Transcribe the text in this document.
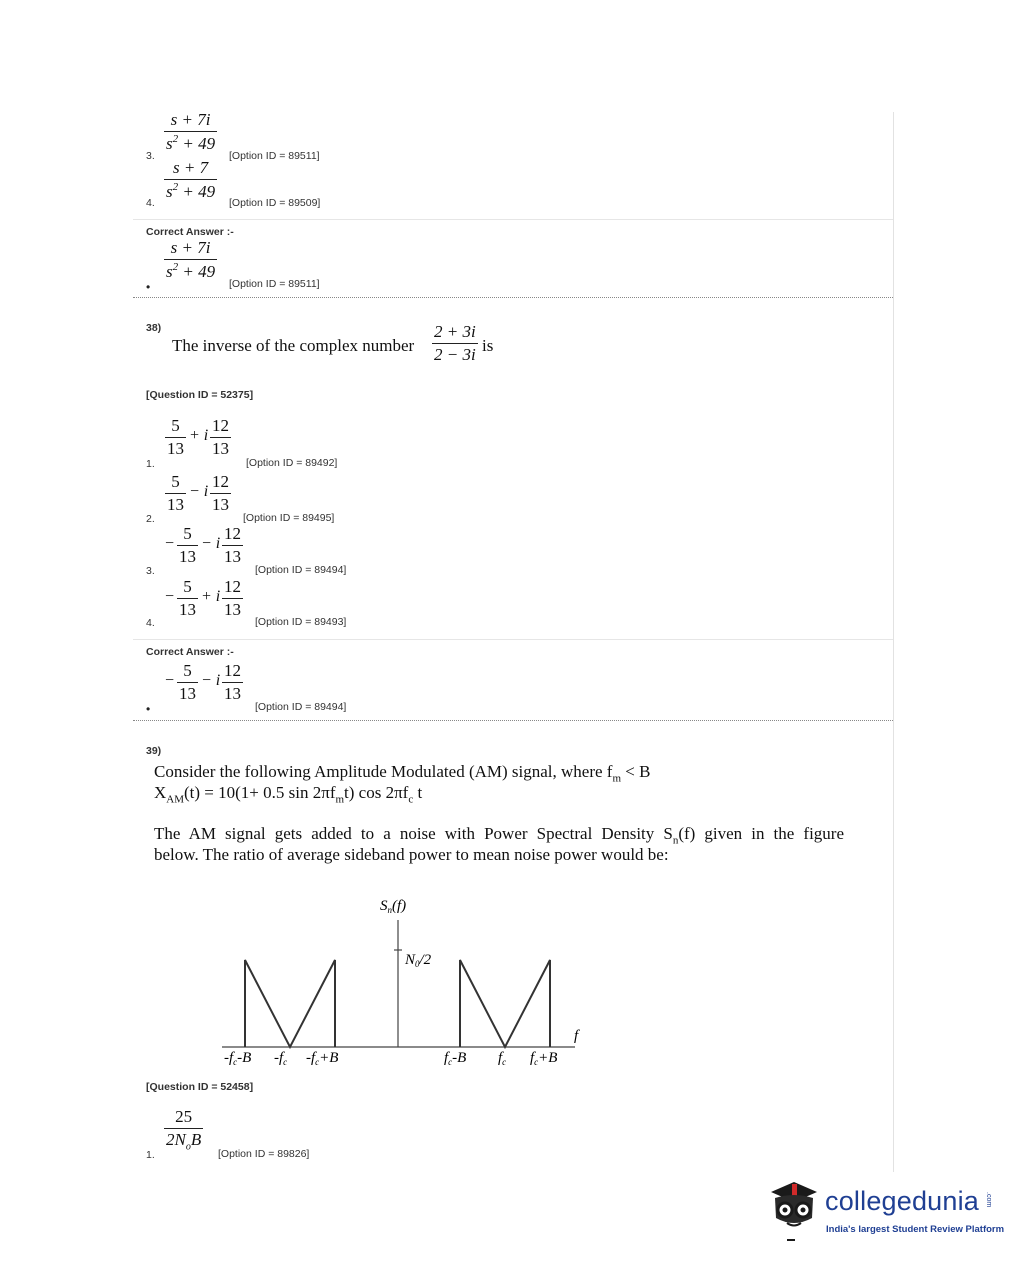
3.
s + 7i
$s^2 + 49$
[Option ID = 89511]
4.
s + 7
$s^2 + 49$
[Option ID = 89509]
Correct Answer :-
•
s + 7i
$s^2 + 49$
[Option ID = 89511]
38)
The inverse of the complex number
2 + 3i
2 − 3i is
[Question ID = 52375]
1.
5
13
+ i
12
13
[Option ID = 89492]
2.
5
13
− i
12
13
[Option ID = 89495]
3.
−
5
13
− i
12
13
[Option ID = 89494]
4.
−
5
13
+ i
12
13
[Option ID = 89493]
Correct Answer :-
•
−
5
13
− i
12
13
[Option ID = 89494]
39)
Consider the following Amplitude Modulated (AM) signal, where $f_m < B$
$X_{AM}(t) = 10(1+ 0.5$ $\sin 2\pi f_mt$) $\cos 2\pi f_c$ t
The AM signal gets added to a noise with Power Spectral Density $S_n(f)$ given in the figure
below. The ratio of average sideband power to mean noise power would be:
$S_n(f)$
$N_0/2$
f
$-f_c-B$ $-f_c$ $-f_c+B$	$f_c-B$ $f_c$ $f_c+B$
[Question ID = 52458]
1.
25
$2N_oB$
[Option ID = 89826]
collegedunia .com
India's largest Student Review Platform
